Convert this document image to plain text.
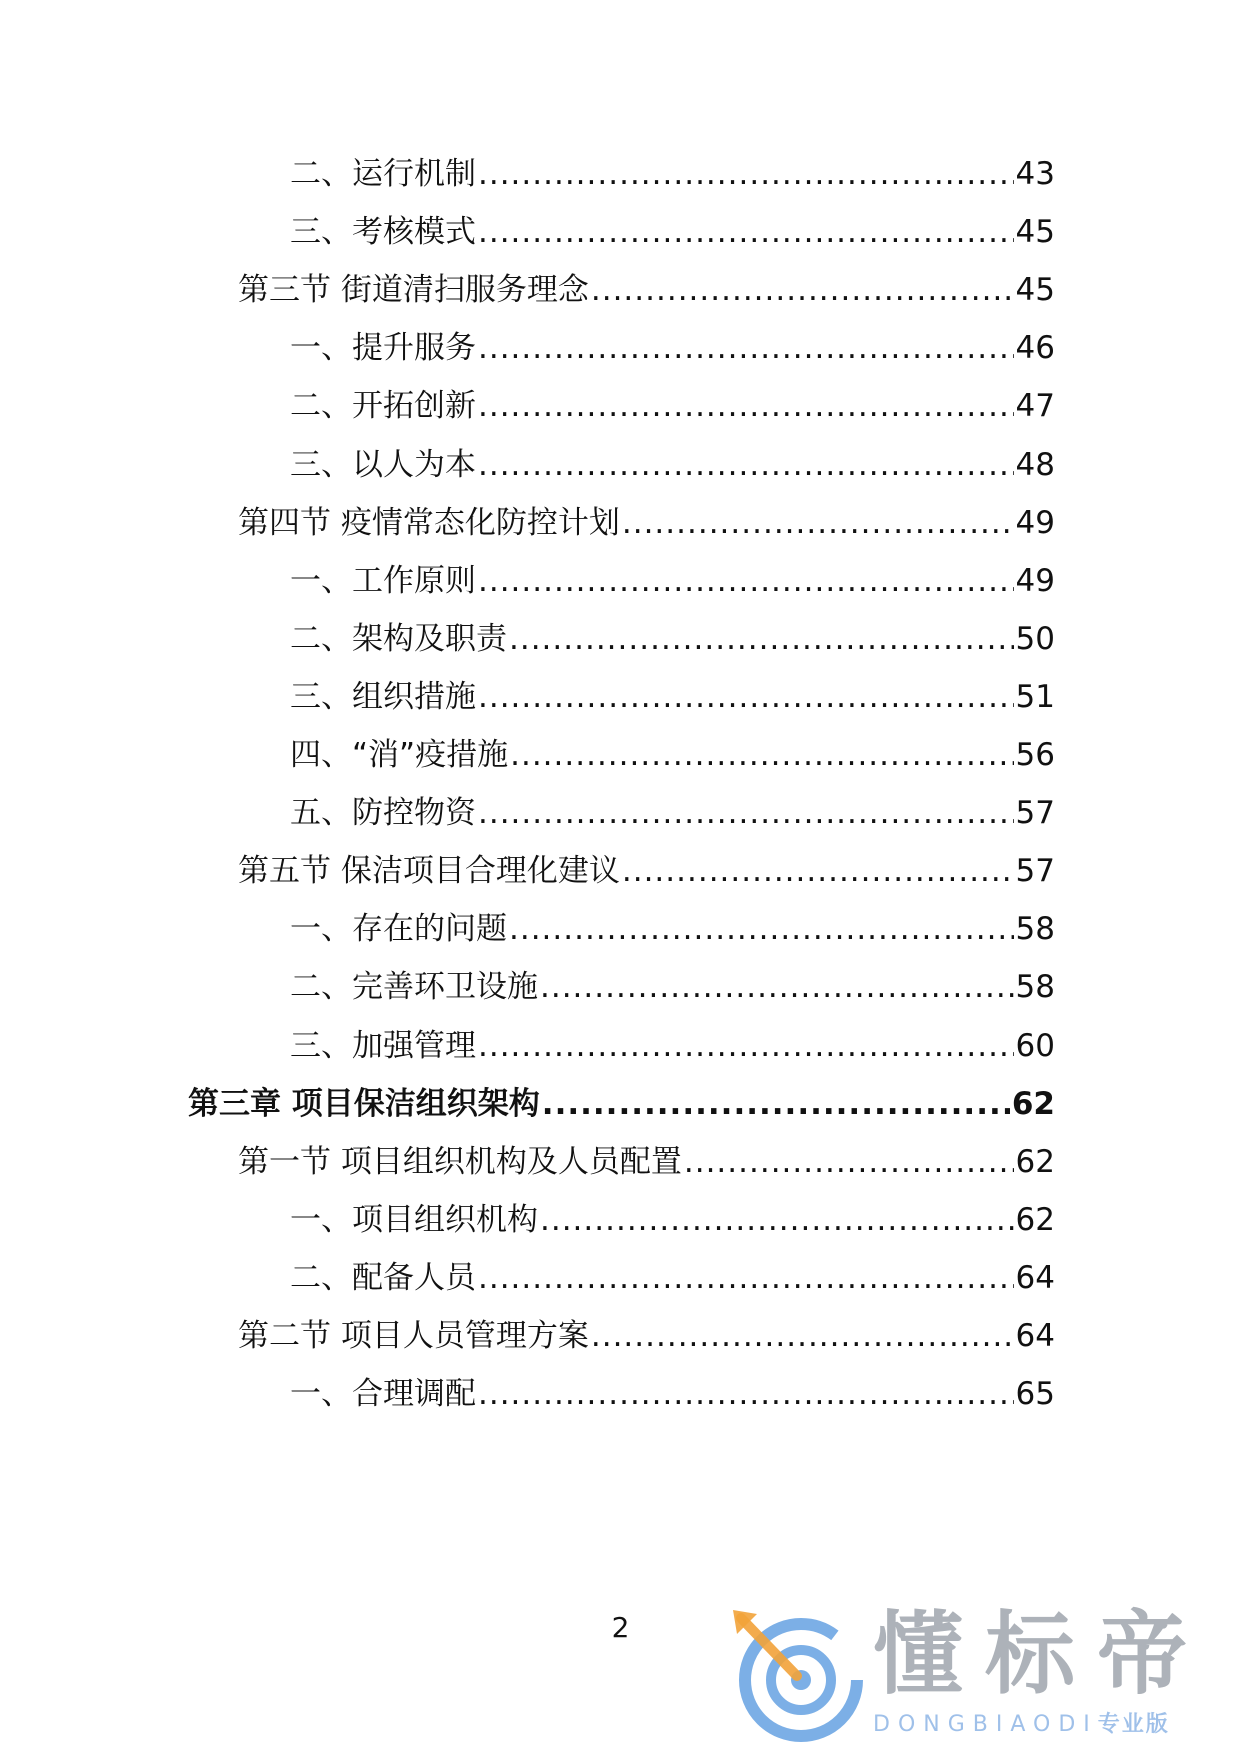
二、运行机制 .....	43
三、考核模式 .....	45
第三节 街道清扫服务理念 .....	45
一、提升服务 .....	46
二、开拓创新 .....	47
三、以人为本 .....	48
第四节 疫情常态化防控计划 .....	49
一、工作原则 .....	49
二、架构及职责 .....	50
三、组织措施 .....	51
四、“消”疫措施 .....	56
五、防控物资 .....	57
第五节 保洁项目合理化建议 .....	57
一、存在的问题 .....	58
二、完善环卫设施 .....	58
三、加强管理 .....	60
第三章 项目保洁组织架构 .....	62
第一节 项目组织机构及人员配置 .....	62
一、项目组织机构 .....	62
二、配备人员 .....	64
第二节 项目人员管理方案 .....	64
一、合理调配 .....	65
2	懂标帝
DONGBIAODI专业版
